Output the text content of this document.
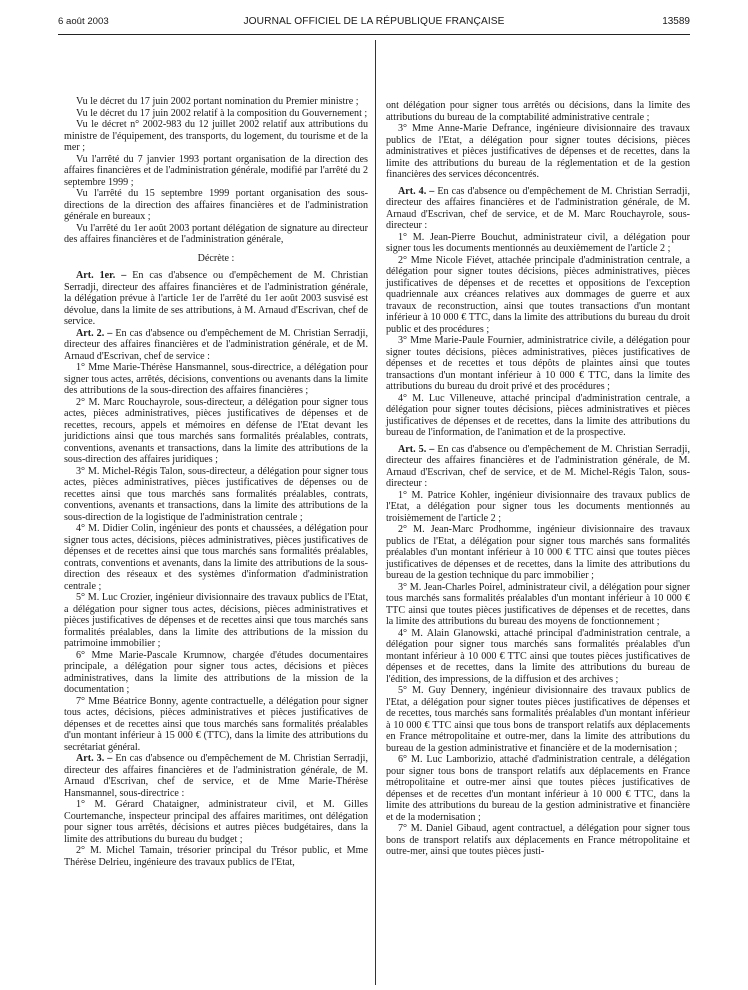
6 août 2003	JOURNAL OFFICIEL DE LA RÉPUBLIQUE FRANÇAISE	13589

Vu le décret du 17 juin 2002 portant nomination du Premier ministre ;

Vu le décret du 17 juin 2002 relatif à la composition du Gouvernement ;

Vu le décret n° 2002-983 du 12 juillet 2002 relatif aux attributions du ministre de l'équipement, des transports, du logement, du tourisme et de la mer ;

Vu l'arrêté du 7 janvier 1993 portant organisation de la direction des affaires financières et de l'administration générale, modifié par l'arrêté du 2 septembre 1999 ;

Vu l'arrêté du 15 septembre 1999 portant organisation des sous-directions de la direction des affaires financières et de l'administration générale en bureaux ;

Vu l'arrêté du 1er août 2003 portant délégation de signature au directeur des affaires financières et de l'administration générale,

Décrète :

Art. 1er. – En cas d'absence ou d'empêchement de M. Christian Serradji, directeur des affaires financières et de l'administration générale, la délégation prévue à l'article 1er de l'arrêté du 1er août 2003 susvisé est dévolue, dans la limite de ses attributions, à M. Arnaud d'Escrivan, chef de service.

Art. 2. – En cas d'absence ou d'empêchement de M. Christian Serradji, directeur des affaires financières et de l'administration générale, et de M. Arnaud d'Escrivan, chef de service :

1° Mme Marie-Thérèse Hansmannel, sous-directrice, a délégation pour signer tous actes, arrêtés, décisions, conventions ou avenants dans la limite des attributions de la sous-direction des affaires financières ;

2° M. Marc Rouchayrole, sous-directeur, a délégation pour signer tous actes, pièces administratives, pièces justificatives de dépenses et de recettes, recours, appels et mémoires en défense de l'Etat devant les juridictions ainsi que tous marchés sans formalités préalables, contrats, conventions, avenants et transactions, dans la limite des attributions de la sous-direction des affaires juridiques ;

3° M. Michel-Régis Talon, sous-directeur, a délégation pour signer tous actes, pièces administratives, pièces justificatives de dépenses ou de recettes ainsi que tous marchés sans formalités préalables, contrats, conventions, avenants et transactions, dans la limite des attributions de la sous-direction de la logistique de l'administration centrale ;

4° M. Didier Colin, ingénieur des ponts et chaussées, a délégation pour signer tous actes, décisions, pièces administratives, pièces justificatives de dépenses et de recettes ainsi que tous marchés sans formalités préalables, contrats, conventions et avenants, dans la limite des attributions de la sous-direction des réseaux et des systèmes d'information d'administration centrale ;

5° M. Luc Crozier, ingénieur divisionnaire des travaux publics de l'Etat, a délégation pour signer tous actes, décisions, pièces administratives et pièces justificatives de dépenses et de recettes ainsi que tous marchés sans formalités préalables, dans la limite des attributions de la mission du patrimoine immobilier ;

6° Mme Marie-Pascale Krumnow, chargée d'études documentaires principale, a délégation pour signer tous actes, décisions et pièces administratives, dans la limite des attributions de la mission de la documentation ;

7° Mme Béatrice Bonny, agente contractuelle, a délégation pour signer tous actes, décisions, pièces administratives et pièces justificatives de dépenses et de recettes ainsi que tous marchés sans formalités préalables d'un montant inférieur à 15 000 € (TTC), dans la limite des attributions du secrétariat général.

Art. 3. – En cas d'absence ou d'empêchement de M. Christian Serradji, directeur des affaires financières et de l'administration générale, de M. Arnaud d'Escrivan, chef de service, et de Mme Marie-Thérèse Hansmannel, sous-directrice :

1° M. Gérard Chataigner, administrateur civil, et M. Gilles Courtemanche, inspecteur principal des affaires maritimes, ont délégation pour signer tous arrêtés, décisions et autres pièces budgétaires, dans la limite des attributions du bureau du budget ;

2° M. Michel Tamain, trésorier principal du Trésor public, et Mme Thérèse Delrieu, ingénieure des travaux publics de l'Etat,

ont délégation pour signer tous arrêtés ou décisions, dans la limite des attributions du bureau de la comptabilité administrative centrale ;

3° Mme Anne-Marie Defrance, ingénieure divisionnaire des travaux publics de l'Etat, a délégation pour signer toutes décisions, pièces administratives et pièces justificatives de dépenses et de recettes, dans la limite des attributions du bureau de la réglementation et de la gestion financières des services déconcentrés.

Art. 4. – En cas d'absence ou d'empêchement de M. Christian Serradji, directeur des affaires financières et de l'administration générale, de M. Arnaud d'Escrivan, chef de service, et de M. Marc Rouchayrole, sous-directeur :

1° M. Jean-Pierre Bouchut, administrateur civil, a délégation pour signer tous les documents mentionnés au deuxièmement de l'article 2 ;

2° Mme Nicole Fiévet, attachée principale d'administration centrale, a délégation pour signer toutes décisions, pièces administratives, pièces justificatives de dépenses et de recettes et oppositions de l'exception quadriennale aux créances relatives aux dommages de guerre et aux travaux de reconstruction, ainsi que toutes transactions d'un montant inférieur à 10 000 € TTC, dans la limite des attributions du bureau du droit public et des procédures ;

3° Mme Marie-Paule Fournier, administratrice civile, a délégation pour signer toutes décisions, pièces administratives, pièces justificatives de dépenses et de recettes et tous dépôts de plaintes ainsi que toutes transactions d'un montant inférieur à 10 000 € TTC, dans la limite des attributions du bureau du droit privé et des procédures ;

4° M. Luc Villeneuve, attaché principal d'administration centrale, a délégation pour signer toutes décisions, pièces administratives et pièces justificatives de dépenses et de recettes, dans la limite des attributions du bureau de l'information, de l'animation et de la prospective.

Art. 5. – En cas d'absence ou d'empêchement de M. Christian Serradji, directeur des affaires financières et de l'administration générale, de M. Arnaud d'Escrivan, chef de service, et de M. Michel-Régis Talon, sous-directeur :

1° M. Patrice Kohler, ingénieur divisionnaire des travaux publics de l'Etat, a délégation pour signer tous les documents mentionnés au troisièmement de l'article 2 ;

2° M. Jean-Marc Prodhomme, ingénieur divisionnaire des travaux publics de l'Etat, a délégation pour signer tous marchés sans formalités préalables d'un montant inférieur à 10 000 € TTC ainsi que toutes pièces justificatives de dépenses et de recettes, dans la limite des attributions du bureau de la gestion technique du parc immobilier ;

3° M. Jean-Charles Poirel, administrateur civil, a délégation pour signer tous marchés sans formalités préalables d'un montant inférieur à 10 000 € TTC ainsi que toutes pièces justificatives de dépenses et de recettes, dans la limite des attributions du bureau des moyens de fonctionnement ;

4° M. Alain Glanowski, attaché principal d'administration centrale, a délégation pour signer tous marchés sans formalités préalables d'un montant inférieur à 10 000 € TTC ainsi que toutes pièces justificatives de dépenses et de recettes, dans la limite des attributions du bureau de l'édition, des impressions, de la diffusion et des archives ;

5° M. Guy Dennery, ingénieur divisionnaire des travaux publics de l'Etat, a délégation pour signer toutes pièces justificatives de dépenses et de recettes, tous marchés sans formalités préalables d'un montant inférieur à 10 000 € TTC ainsi que tous bons de transport relatifs aux déplacements en France métropolitaine et outre-mer, dans la limite des attributions du bureau de la gestion administrative et financière et de la modernisation ;

6° M. Luc Lamborizio, attaché d'administration centrale, a délégation pour signer tous bons de transport relatifs aux déplacements en France métropolitaine et outre-mer ainsi que toutes pièces justificatives de dépenses et de recettes d'un montant inférieur à 10 000 € TTC, dans la limite des attributions du bureau de la gestion administrative et financière et de la modernisation ;

7° M. Daniel Gibaud, agent contractuel, a délégation pour signer tous bons de transport relatifs aux déplacements en France métropolitaine et outre-mer, ainsi que toutes pièces justi-
